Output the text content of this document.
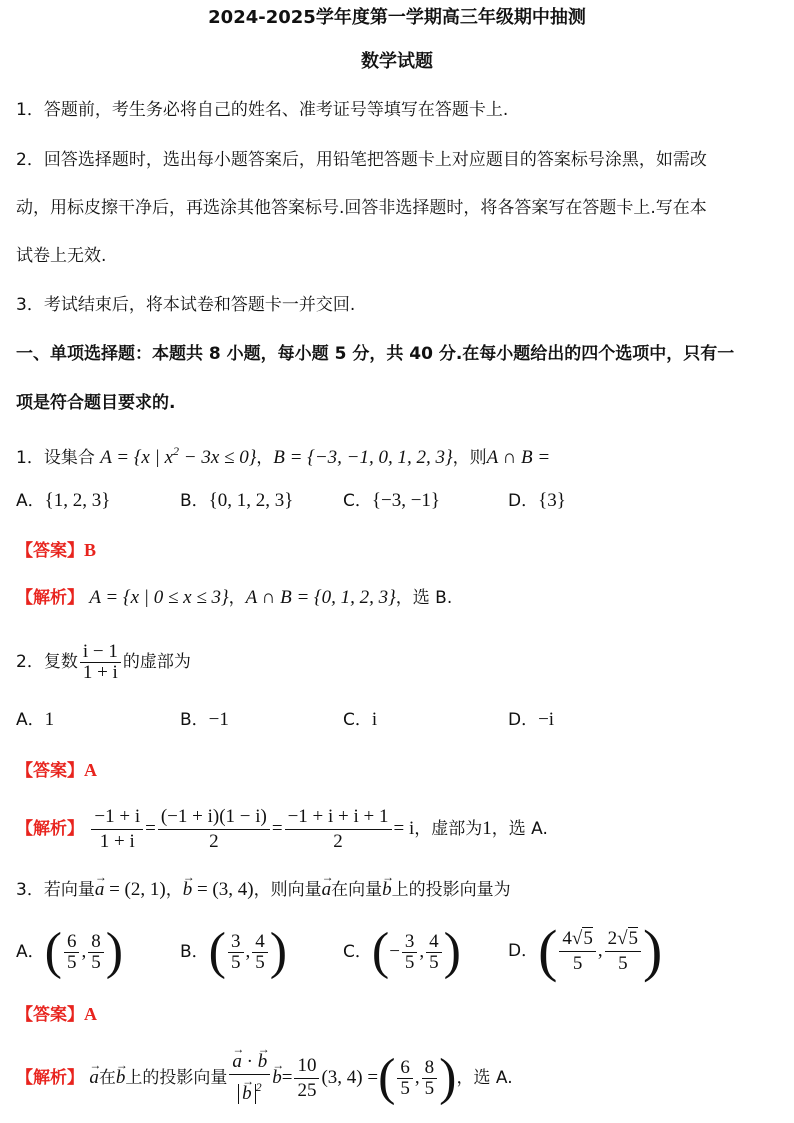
2024-2025学年度第一学期高三年级期中抽测
数学试题
1．答题前，考生务必将自己的姓名、准考证号等填写在答题卡上.
2．回答选择题时，选出每小题答案后，用铅笔把答题卡上对应题目的答案标号涂黑，如需改
动，用标皮擦干净后，再选涂其他答案标号.回答非选择题时，将各答案写在答题卡上.写在本
试卷上无效.
3．考试结束后，将本试卷和答题卡一并交回.
一、单项选择题：本题共 8 小题，每小题 5 分，共 40 分.在每小题给出的四个选项中，只有一
项是符合题目要求的.
1．设集合 A = {x | $x^2 - 3x \le 0$}，B = {−3, −1, 0, 1, 2, 3}，则A ∩ B =
A．{1, 2, 3}	B．{0, 1, 2, 3}	C．{−3, −1}	D．{3}
【答案】B
【解析】 A = {x | 0 ≤ x ≤ 3}，A ∩ B = {0, 1, 2, 3}，选 B.
2．复数 $\frac{i - 1}{1 + i}$ 的虚部为
A．1	B．−1	C．i	D．−i
【答案】A
【解析】 $\frac{-1 + i}{1 + i} = \frac{(-1 + i)(1 - i)}{2} = \frac{-1 + i + i + 1}{2} = i$，虚部为1，选 A.
3．若向量→ a = (2, 1)，→ b = (3, 4)，则向量→ a在向量→ b上的投影向量为
A．( $\frac{6}{5}$ , $\frac{8}{5}$ )	B．( $\frac{3}{5}$ , $\frac{4}{5}$ )	C．(− $\frac{3}{5}$ , $\frac{4}{5}$ )	D．( $\frac{4√5}{5}$ , $\frac{2√5}{5}$ )
【答案】A
【解析】 → a在→ b上的投影向量
→ a · → b
→ b $^2$
→ $b= \frac{10}{25} (3$, 4) =( $\frac{6}{5}$ , $\frac{8}{5}$ )，选 A.
